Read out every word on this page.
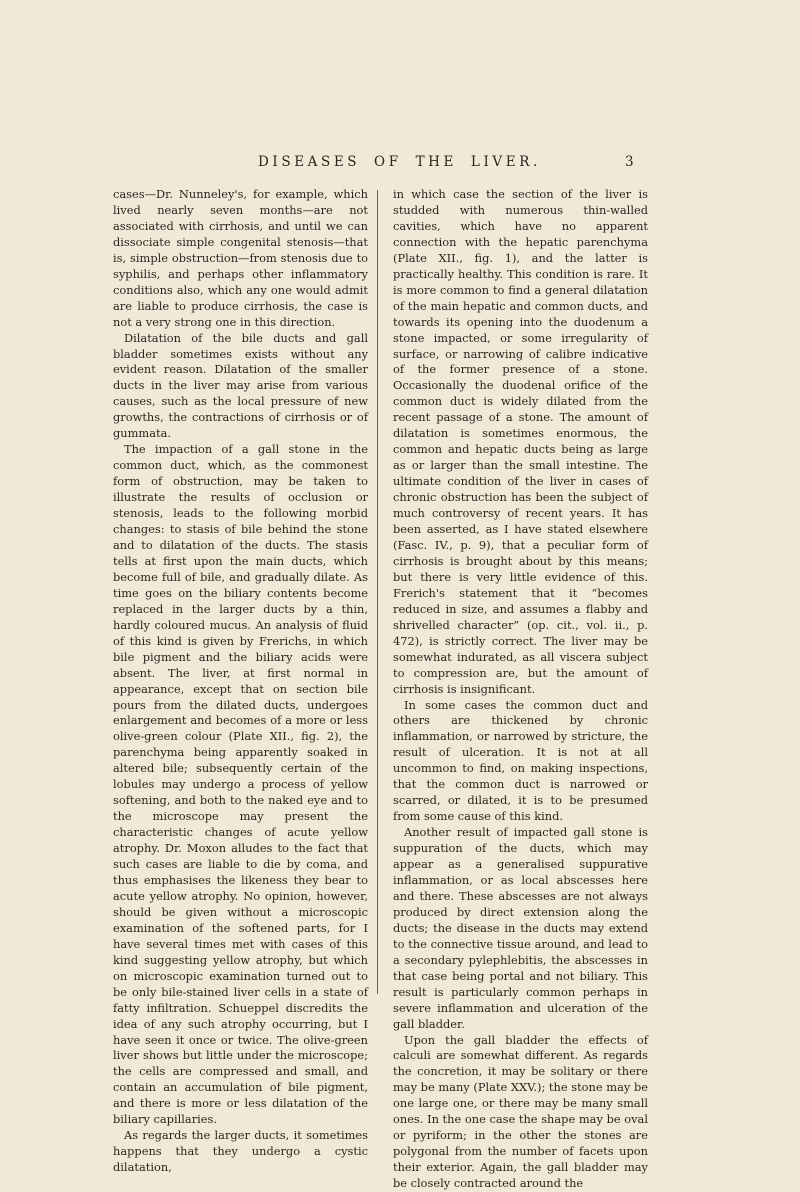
DISEASES OF THE LIVER.	3

cases—Dr. Nunneley's, for example, which lived nearly seven months—are not associated with cirrhosis, and until we can dissociate simple congenital stenosis—that is, simple obstruction—from stenosis due to syphilis, and perhaps other inflammatory conditions also, which any one would admit are liable to produce cirrhosis, the case is not a very strong one in this direction.

Dilatation of the bile ducts and gall bladder sometimes exists without any evident reason. Dilatation of the smaller ducts in the liver may arise from various causes, such as the local pressure of new growths, the contractions of cirrhosis or of gummata.

The impaction of a gall stone in the common duct, which, as the commonest form of obstruction, may be taken to illustrate the results of occlusion or stenosis, leads to the following morbid changes: to stasis of bile behind the stone and to dilatation of the ducts. The stasis tells at first upon the main ducts, which become full of bile, and gradually dilate. As time goes on the biliary contents become replaced in the larger ducts by a thin, hardly coloured mucus. An analysis of fluid of this kind is given by Frerichs, in which bile pigment and the biliary acids were absent. The liver, at first normal in appearance, except that on section bile pours from the dilated ducts, undergoes enlargement and becomes of a more or less olive-green colour (Plate XII., fig. 2), the parenchyma being apparently soaked in altered bile; subsequently certain of the lobules may undergo a process of yellow softening, and both to the naked eye and to the microscope may present the characteristic changes of acute yellow atrophy. Dr. Moxon alludes to the fact that such cases are liable to die by coma, and thus emphasises the likeness they bear to acute yellow atrophy. No opinion, however, should be given without a microscopic examination of the softened parts, for I have several times met with cases of this kind suggesting yellow atrophy, but which on microscopic examination turned out to be only bile-stained liver cells in a state of fatty infiltration. Schueppel discredits the idea of any such atrophy occurring, but I have seen it once or twice. The olive-green liver shows but little under the microscope; the cells are compressed and small, and contain an accumulation of bile pigment, and there is more or less dilatation of the biliary capillaries.

As regards the larger ducts, it sometimes happens that they undergo a cystic dilatation,

in which case the section of the liver is studded with numerous thin-walled cavities, which have no apparent connection with the hepatic parenchyma (Plate XII., fig. 1), and the latter is practically healthy. This condition is rare. It is more common to find a general dilatation of the main hepatic and common ducts, and towards its opening into the duodenum a stone impacted, or some irregularity of surface, or narrowing of calibre indicative of the former presence of a stone. Occasionally the duodenal orifice of the common duct is widely dilated from the recent passage of a stone. The amount of dilatation is sometimes enormous, the common and hepatic ducts being as large as or larger than the small intestine. The ultimate condition of the liver in cases of chronic obstruction has been the subject of much controversy of recent years. It has been asserted, as I have stated elsewhere (Fasc. IV., p. 9), that a peculiar form of cirrhosis is brought about by this means; but there is very little evidence of this. Frerich's statement that it “becomes reduced in size, and assumes a flabby and shrivelled character” (op. cit., vol. ii., p. 472), is strictly correct. The liver may be somewhat indurated, as all viscera subject to compression are, but the amount of cirrhosis is insignificant.

In some cases the common duct and others are thickened by chronic inflammation, or narrowed by stricture, the result of ulceration. It is not at all uncommon to find, on making inspections, that the common duct is narrowed or scarred, or dilated, it is to be presumed from some cause of this kind.

Another result of impacted gall stone is suppuration of the ducts, which may appear as a generalised suppurative inflammation, or as local abscesses here and there. These abscesses are not always produced by direct extension along the ducts; the disease in the ducts may extend to the connective tissue around, and lead to a secondary pylephlebitis, the abscesses in that case being portal and not biliary. This result is particularly common perhaps in severe inflammation and ulceration of the gall bladder.

Upon the gall bladder the effects of calculi are somewhat different. As regards the concretion, it may be solitary or there may be many (Plate XXV.); the stone may be one large one, or there may be many small ones. In the one case the shape may be oval or pyriform; in the other the stones are polygonal from the number of facets upon their exterior. Again, the gall bladder may be closely contracted around the
